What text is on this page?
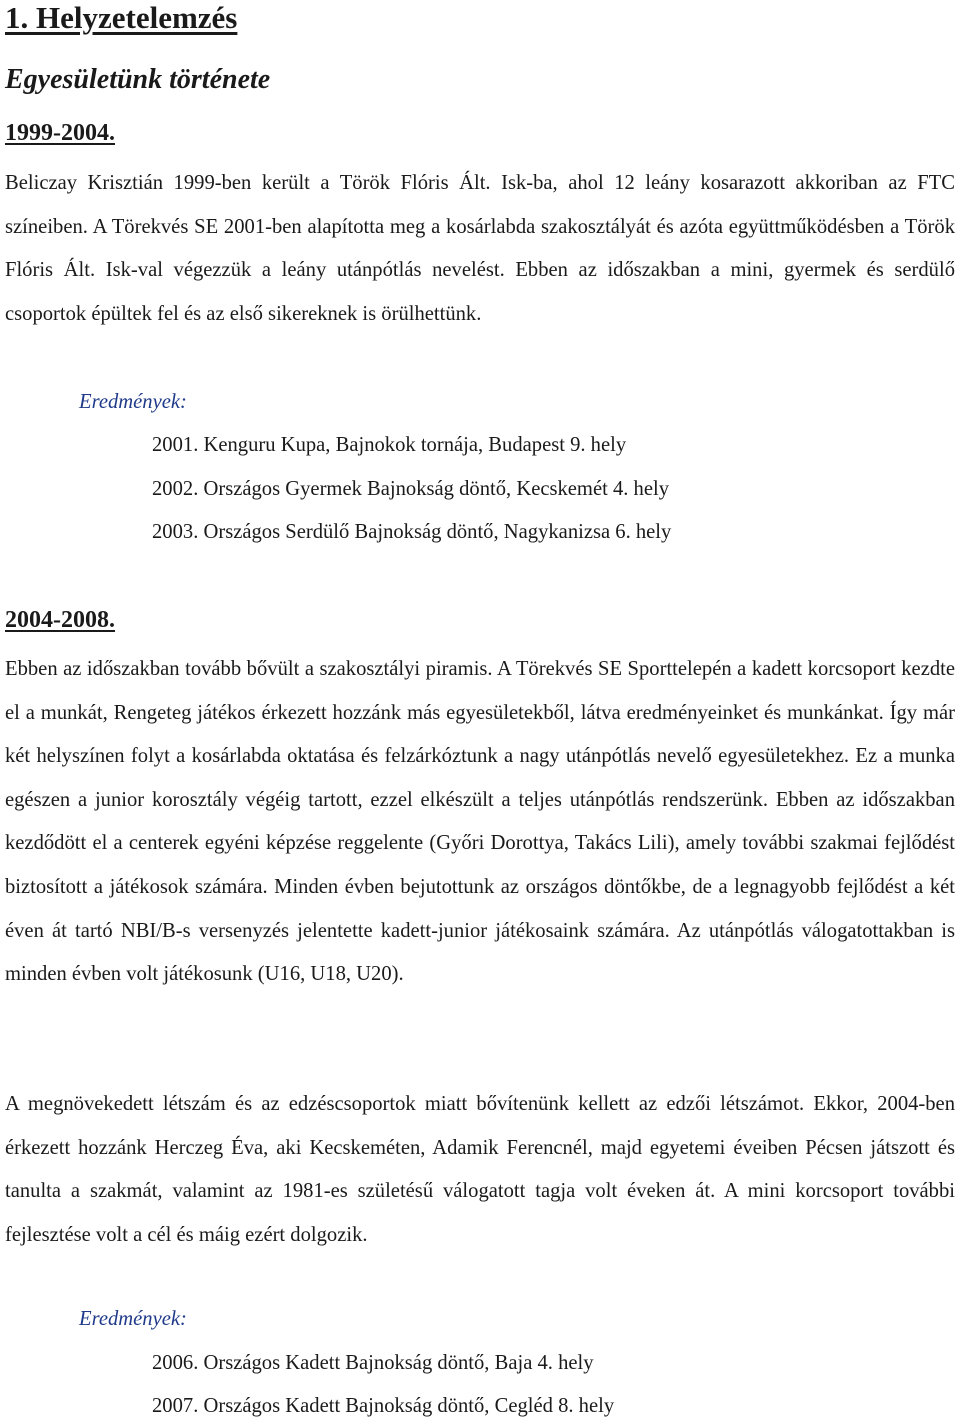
1. Helyzetelemzés
Egyesületünk története
1999-2004.

Beliczay Krisztián 1999-ben került a Török Flóris Ált. Isk-ba, ahol 12 leány kosarazott akkoriban az FTC színeiben. A Törekvés SE 2001-ben alapította meg a kosárlabda szakosztályát és azóta együttműködésben a Török Flóris Ált. Isk-val végezzük a leány utánpótlás nevelést. Ebben az időszakban a mini, gyermek és serdülő csoportok épültek fel és az első sikereknek is örülhettünk.

Eredmények:
2001. Kenguru Kupa, Bajnokok tornája, Budapest 9. hely
2002. Országos Gyermek Bajnokság döntő, Kecskemét 4. hely
2003. Országos Serdülő Bajnokság döntő, Nagykanizsa 6. hely
2004-2008.

Ebben az időszakban tovább bővült a szakosztályi piramis. A Törekvés SE Sporttelepén a kadett korcsoport kezdte el a munkát, Rengeteg játékos érkezett hozzánk más egyesületekből, látva eredményeinket és munkánkat. Így már két helyszínen folyt a kosárlabda oktatása és felzárkóztunk a nagy utánpótlás nevelő egyesületekhez. Ez a munka egészen a junior korosztály végéig tartott, ezzel elkészült a teljes utánpótlás rendszerünk. Ebben az időszakban kezdődött el a centerek egyéni képzése reggelente (Győri Dorottya, Takács Lili), amely további szakmai fejlődést biztosított a játékosok számára. Minden évben bejutottunk az országos döntőkbe, de a legnagyobb fejlődést a két éven át tartó NBI/B-s versenyzés jelentette kadett-junior játékosaink számára. Az utánpótlás válogatottakban is minden évben volt játékosunk (U16, U18, U20).

A megnövekedett létszám és az edzéscsoportok miatt bővítenünk kellett az edzői létszámot. Ekkor, 2004-ben érkezett hozzánk Herczeg Éva, aki Kecskeméten, Adamik Ferencnél, majd egyetemi éveiben Pécsen játszott és tanulta a szakmát, valamint az 1981-es születésű válogatott tagja volt éveken át. A mini korcsoport további fejlesztése volt a cél és máig ezért dolgozik.

Eredmények:
2006. Országos Kadett Bajnokság döntő, Baja 4. hely
2007. Országos Kadett Bajnokság döntő, Cegléd 8. hely
